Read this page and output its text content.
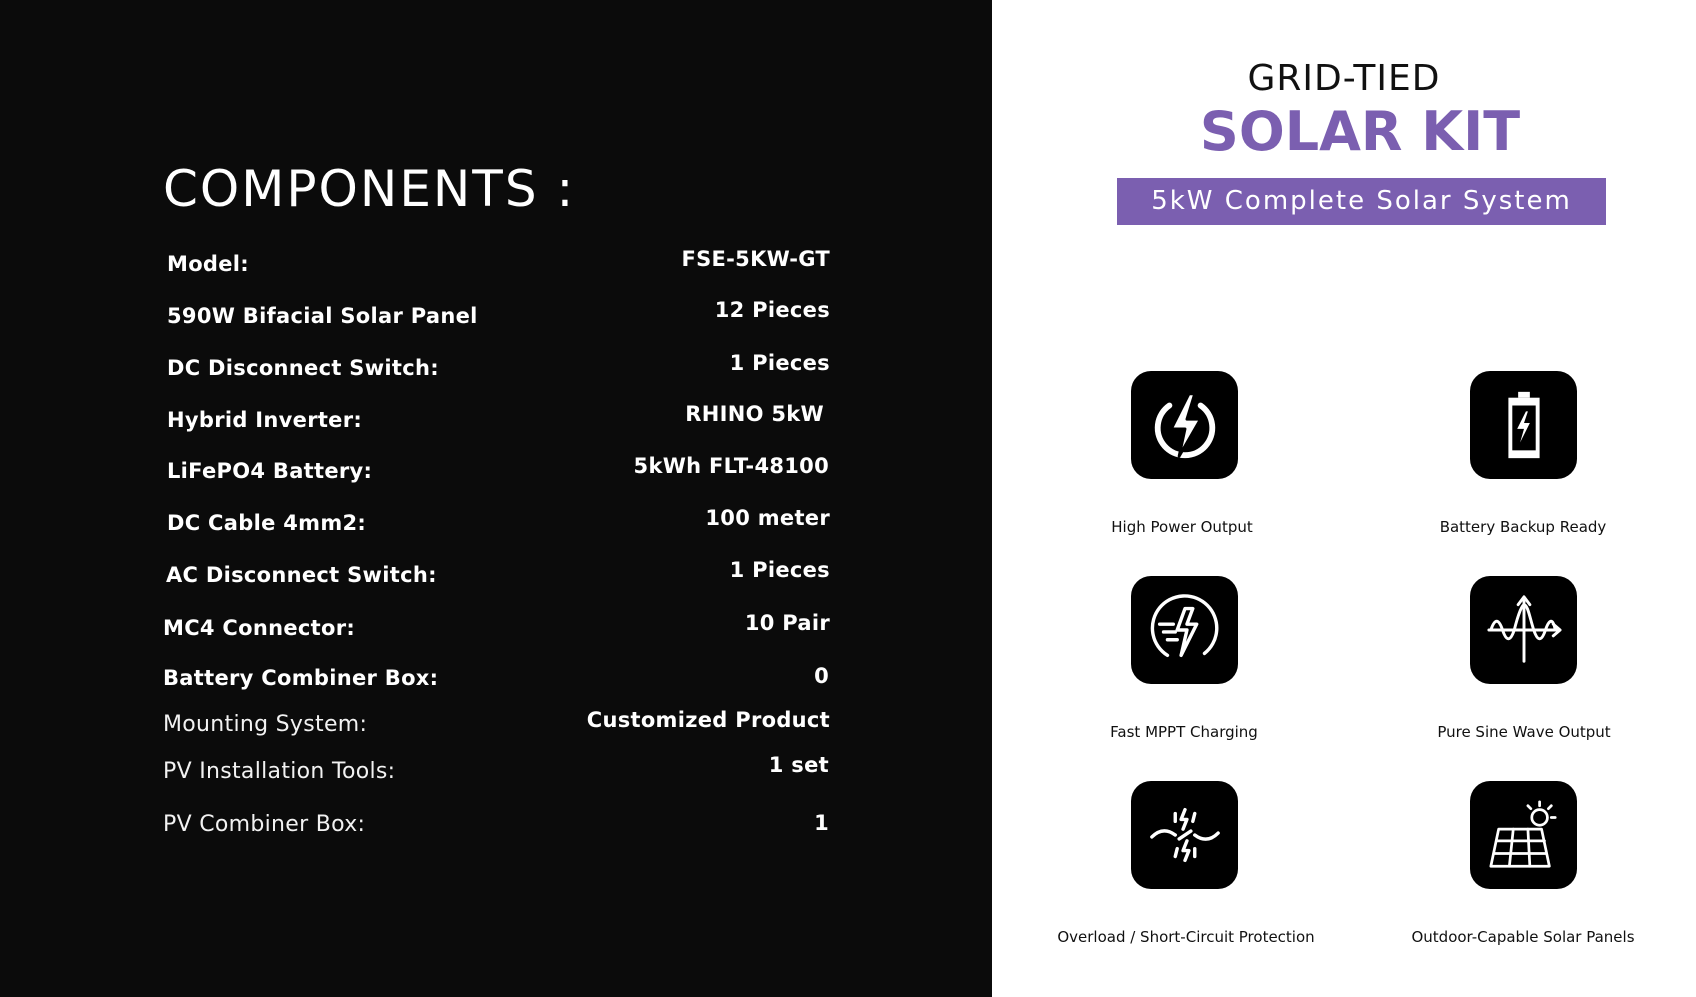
COMPONENTS :
Model:	FSE-5KW-GT
590W Bifacial Solar Panel	12 Pieces
DC Disconnect Switch:	1 Pieces
Hybrid Inverter:	RHINO 5kW
LiFePO4 Battery:	5kWh FLT-48100
DC Cable 4mm2:	100 meter
AC Disconnect Switch:	1 Pieces
MC4 Connector:	10 Pair
Battery Combiner Box:	0
Mounting System:	Customized Product
PV Installation Tools:	1 set
PV Combiner Box:	1
GRID-TIED
SOLAR KIT
5kW Complete Solar System
High Power Output	Battery Backup Ready
Fast MPPT Charging	Pure Sine Wave Output
Overload / Short-Circuit Protection	Outdoor-Capable Solar Panels
